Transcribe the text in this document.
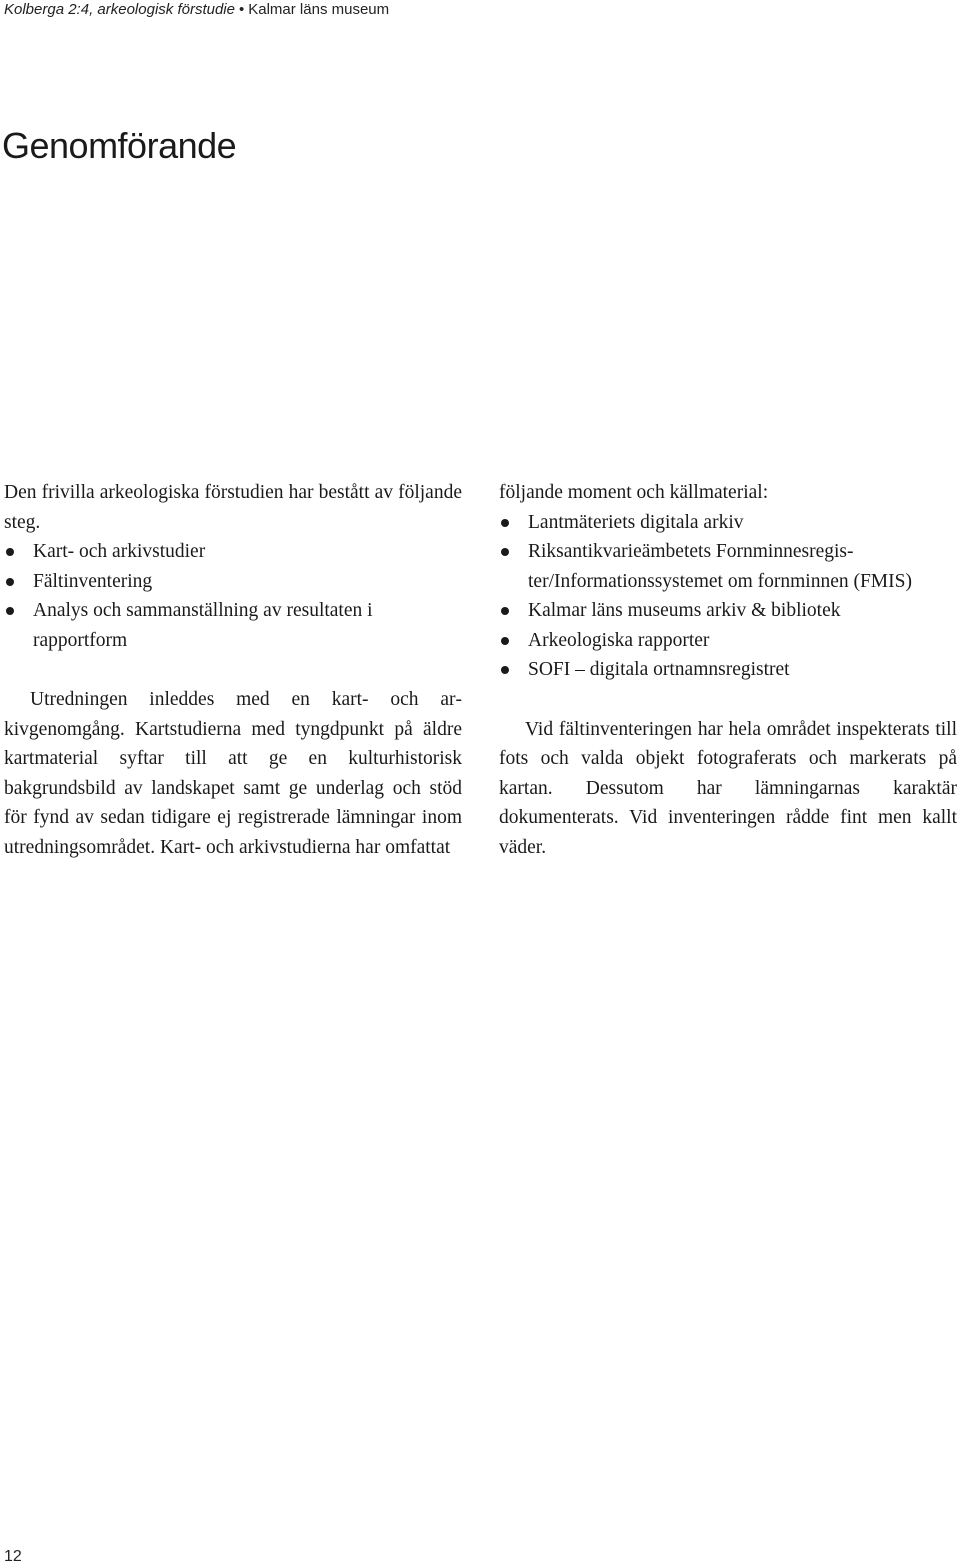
Kolberga 2:4, arkeologisk förstudie • Kalmar läns museum
Genomförande

Den frivilla arkeologiska förstudien har bestått av följande steg.

Kart- och arkivstudier
Fältinventering
Analys och sammanställning av resultaten i rapportform

Utredningen inleddes med en kart- och arkivgenomgång. Kartstudierna med tyngdpunkt på äldre kartmaterial syftar till att ge en kulturhistorisk bakgrundsbild av landskapet samt ge underlag och stöd för fynd av sedan tidigare ej registrerade lämningar inom utredningsområdet. Kart- och arkivstudierna har omfattat

följande moment och källmaterial:

Lantmäteriets digitala arkiv
Riksantikvarieämbetets Fornminnesregister/Informationssystemet om fornminnen (FMIS)
Kalmar läns museums arkiv & bibliotek
Arkeologiska rapporter
SOFI – digitala ortnamnsregistret

Vid fältinventeringen har hela området inspekterats till fots och valda objekt fotograferats och markerats på kartan. Dessutom har lämningarnas karaktär dokumenterats. Vid inventeringen rådde fint men kallt väder.

12
